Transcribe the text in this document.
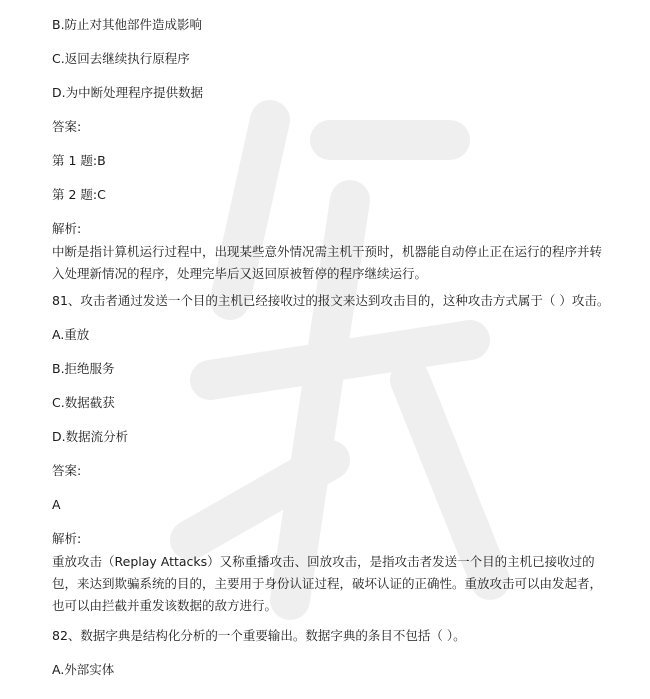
B.防止对其他部件造成影响
C.返回去继续执行原程序
D.为中断处理程序提供数据
答案:
第 1 题:B
第 2 题:C
解析:
中断是指计算机运行过程中，出现某些意外情况需主机干预时，机器能自动停止正在运行的程序并转入处理新情况的程序，处理完毕后又返回原被暂停的程序继续运行。
81、攻击者通过发送一个目的主机已经接收过的报文来达到攻击目的，这种攻击方式属于（ ）攻击。
A.重放
B.拒绝服务
C.数据截获
D.数据流分析
答案:
A
解析:
重放攻击（Replay Attacks）又称重播攻击、回放攻击，是指攻击者发送一个目的主机已接收过的包，来达到欺骗系统的目的，主要用于身份认证过程，破坏认证的正确性。重放攻击可以由发起者，也可以由拦截并重发该数据的敌方进行。
82、数据字典是结构化分析的一个重要输出。数据字典的条目不包括（ ）。
A.外部实体
